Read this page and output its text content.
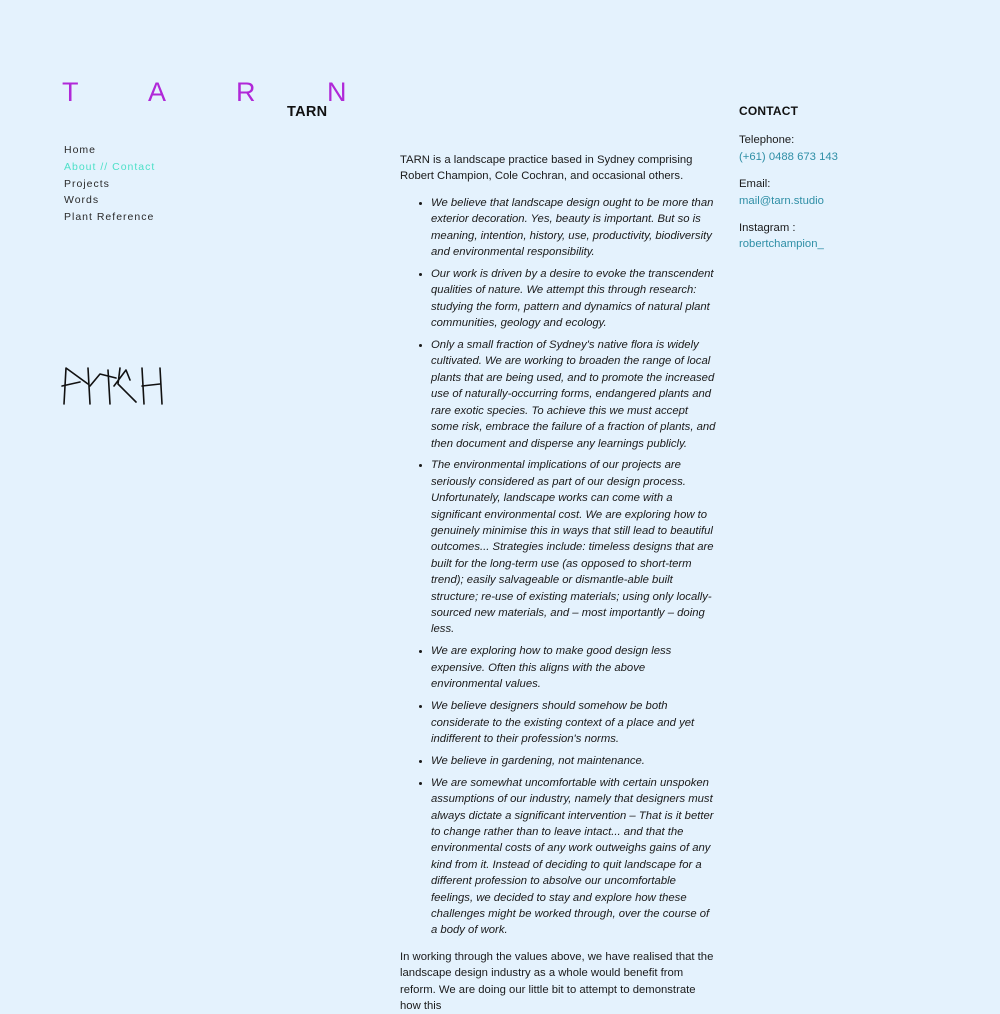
T A R N
Home
About // Contact
Projects
Words
Plant Reference
TARN

TARN is a landscape practice based in Sydney comprising Robert Champion, Cole Cochran, and occasional others.

• We believe that landscape design ought to be more than exterior decoration. Yes, beauty is important. But so is meaning, intention, history, use, productivity, biodiversity and environmental responsibility.
• Our work is driven by a desire to evoke the transcendent qualities of nature. We attempt this through research: studying the form, pattern and dynamics of natural plant communities, geology and ecology.
• Only a small fraction of Sydney's native flora is widely cultivated. We are working to broaden the range of local plants that are being used, and to promote the increased use of naturally-occurring forms, endangered plants and rare exotic species. To achieve this we must accept some risk, embrace the failure of a fraction of plants, and then document and disperse any learnings publicly.
• The environmental implications of our projects are seriously considered as part of our design process. Unfortunately, landscape works can come with a significant environmental cost. We are exploring how to genuinely minimise this in ways that still lead to beautiful outcomes... Strategies include: timeless designs that are built for the long-term use (as opposed to short-term trend); easily salvageable or dismantle-able built structure; re-use of existing materials; using only locally-sourced new materials, and – most importantly – doing less.
• We are exploring how to make good design less expensive. Often this aligns with the above environmental values.
• We believe designers should somehow be both considerate to the existing context of a place and yet indifferent to their profession's norms.
• We believe in gardening, not maintenance.
• We are somewhat uncomfortable with certain unspoken assumptions of our industry, namely that designers must always dictate a significant intervention – That is it better to change rather than to leave intact... and that the environmental costs of any work outweighs gains of any kind from it. Instead of deciding to quit landscape for a different profession to absolve our uncomfortable feelings, we decided to stay and explore how these challenges might be worked through, over the course of a body of work.

In working through the values above, we have realised that the landscape design industry as a whole would benefit from reform. We are doing our little bit to attempt to demonstrate how this

CONTACT
Telephone:
(+61) 0488 673 143
Email:
mail@tarn.studio
Instagram :
robertchampion_
